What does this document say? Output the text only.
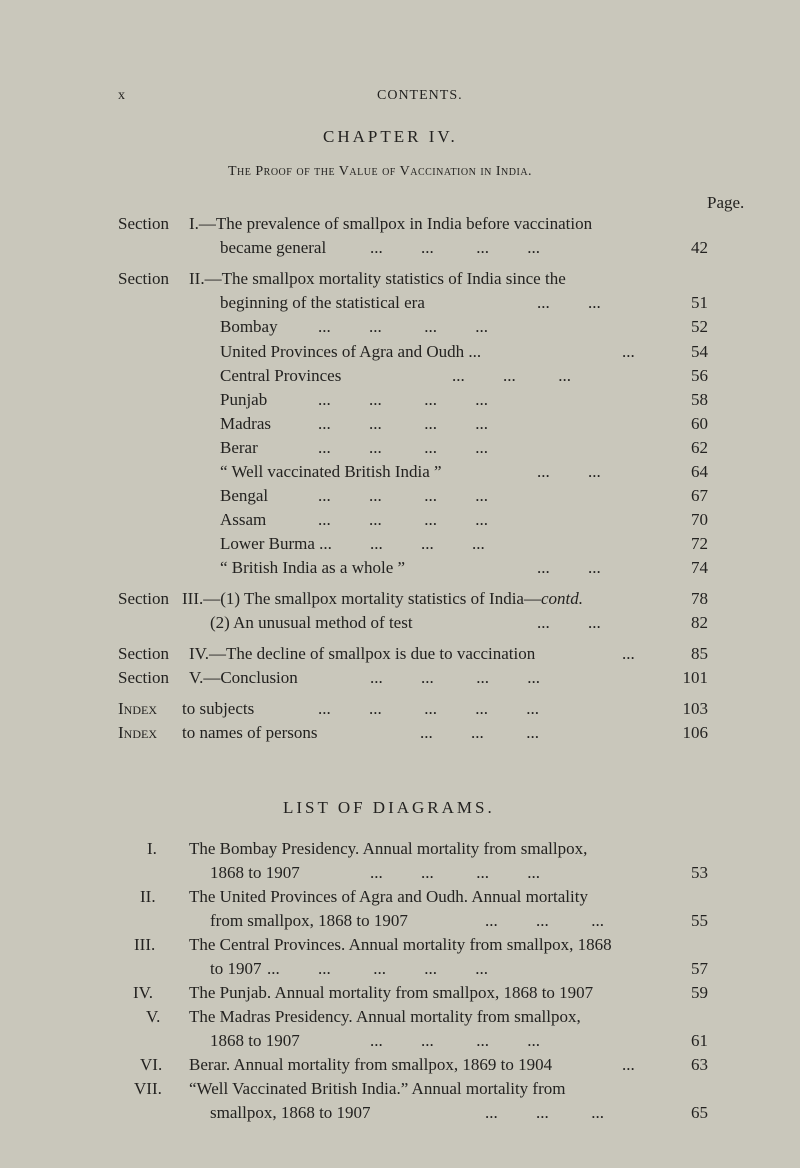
x	CONTENTS.
CHAPTER IV.
The Proof of the Value of Vaccination in India.
Page.
Section I.—The prevalence of smallpox in India before vaccination
became general	...         ...          ...         ...	42
Section II.—The smallpox mortality statistics of India since the
beginning of the statistical era	...         ...	51
Bombay ...         ...          ...         ...	52
United Provinces of Agra and Oudh ...	...	54
Central Provinces	...         ...          ...	56
Punjab	...         ...          ...         ...	58
Madras	...         ...          ...         ...	60
Berar	...         ...          ...         ...	62
“ Well vaccinated British India ”	...         ...	64
Bengal	...         ...          ...         ...	67
Assam	...         ...          ...         ...	70
Lower Burma ... ...         ...         ...	72
“ British India as a whole ”	...         ...	74
Section III.—(1) The smallpox mortality statistics of India—contd.	78
(2) An unusual method of test	...         ...	82
Section IV.—The decline of smallpox is due to vaccination	...	85
Section V.—Conclusion	...         ...          ...         ...	101
Index to subjects	...         ...          ...         ...         ...	103
Index to names of persons	...         ...          ...	106
LIST OF DIAGRAMS.
I. The Bombay Presidency. Annual mortality from smallpox,
1868 to 1907	...         ...          ...         ...	53
II. The United Provinces of Agra and Oudh. Annual mortality
from smallpox, 1868 to 1907	...         ...          ...	55
III. The Central Provinces. Annual mortality from smallpox, 1868
to 1907 ...         ...          ...         ...         ...	57
IV. The Punjab. Annual mortality from smallpox, 1868 to 1907	59
V. The Madras Presidency. Annual mortality from smallpox,
1868 to 1907	...         ...          ...         ...	61
VI. Berar. Annual mortality from smallpox, 1869 to 1904	...	63
VII. “Well Vaccinated British India.” Annual mortality from
smallpox, 1868 to 1907	...         ...          ...	65
